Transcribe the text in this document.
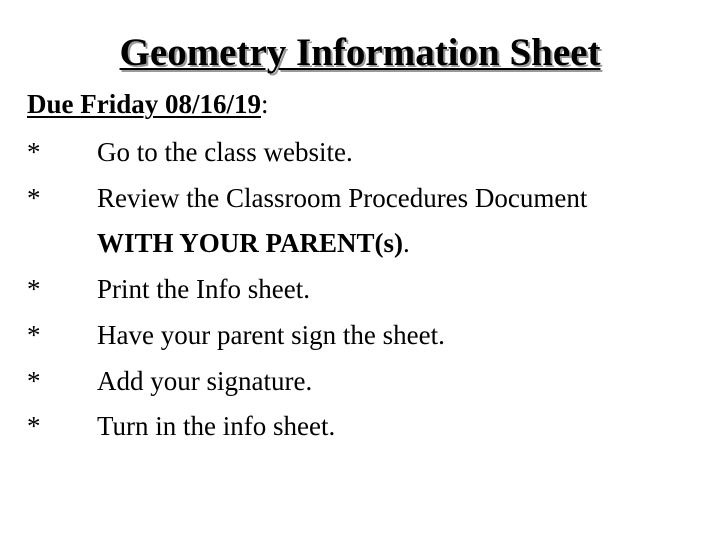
Geometry Information Sheet
Due Friday 08/16/19:
*	Go to the class website.
*	Review the Classroom Procedures Document
WITH YOUR PARENT(s).
*	Print the Info sheet.
*	Have your parent sign the sheet.
*	Add your signature.
*	Turn in the info sheet.
